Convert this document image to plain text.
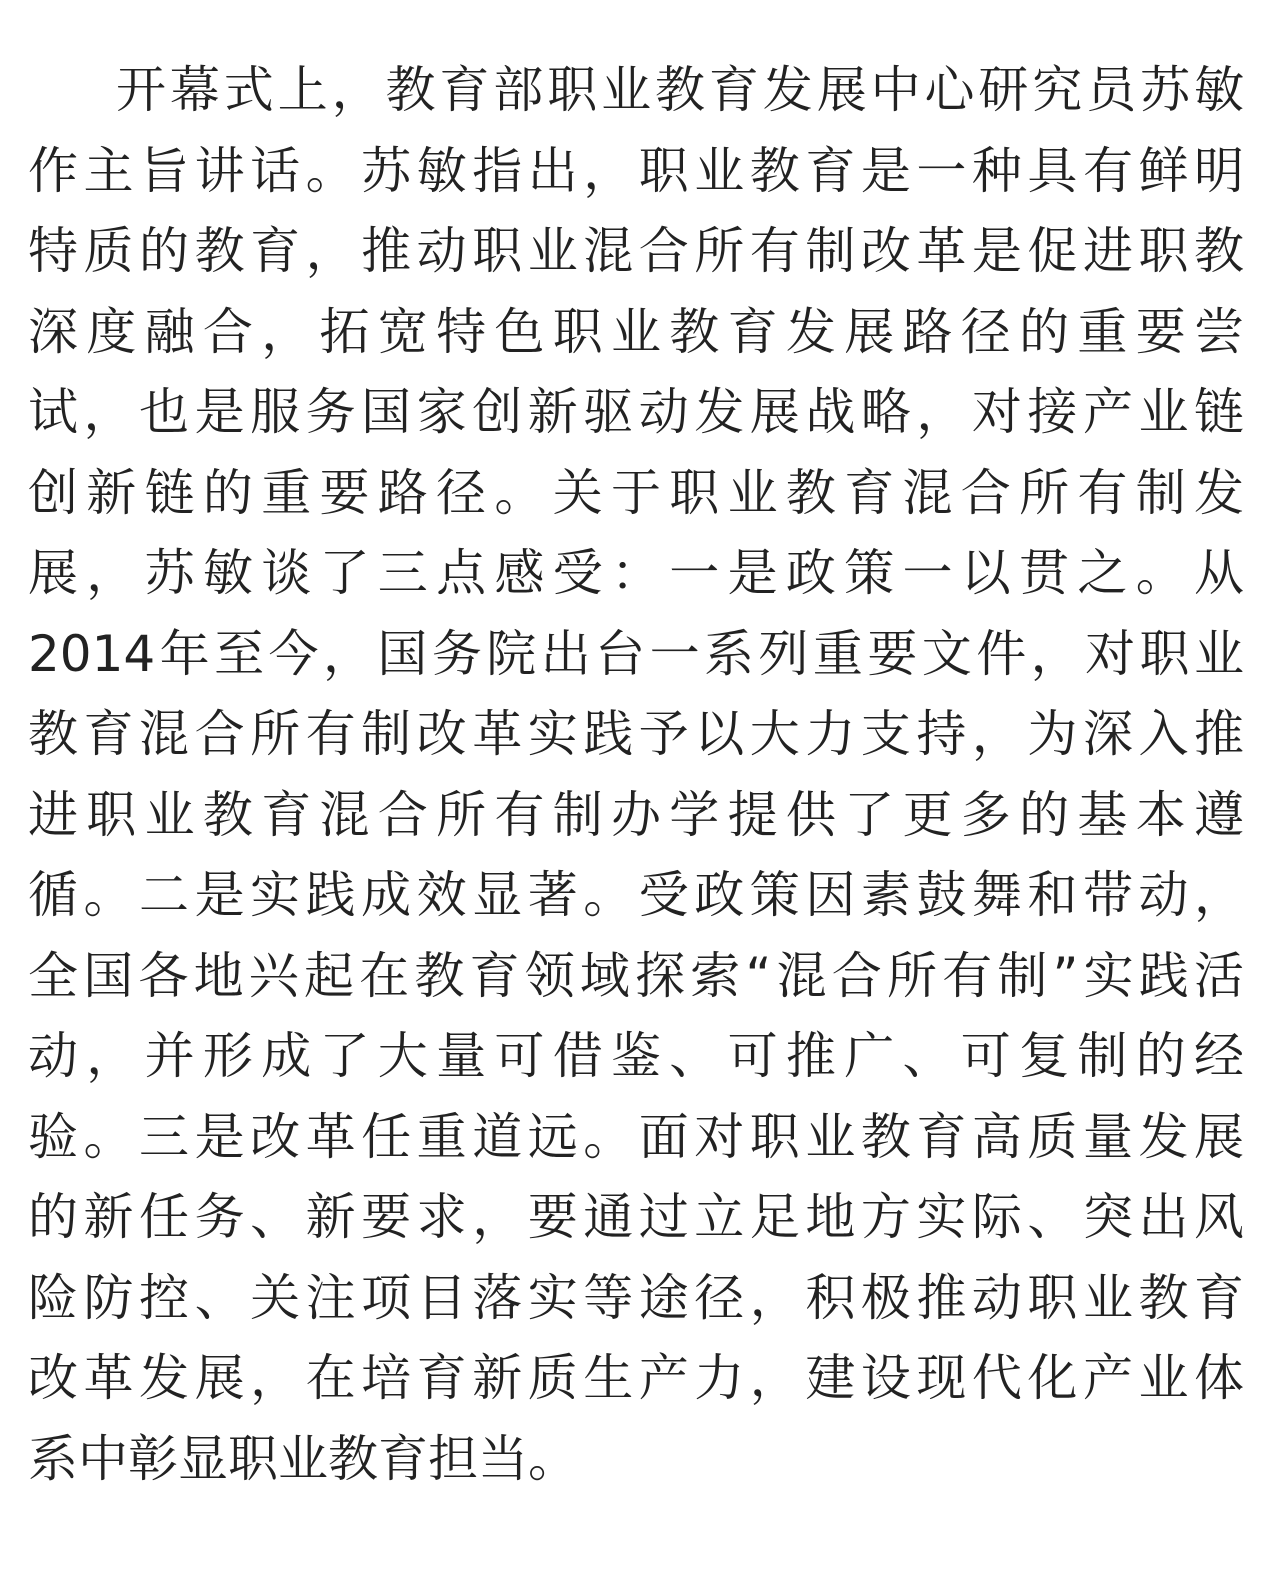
开幕式上，教育部职业教育发展中心研究员苏敏
作主旨讲话。苏敏指出，职业教育是一种具有鲜明
特质的教育，推动职业混合所有制改革是促进职教
深度融合，拓宽特色职业教育发展路径的重要尝
试，也是服务国家创新驱动发展战略，对接产业链
创新链的重要路径。关于职业教育混合所有制发
展，苏敏谈了三点感受：一是政策一以贯之。从
2014年至今，国务院出台一系列重要文件，对职业
教育混合所有制改革实践予以大力支持，为深入推
进职业教育混合所有制办学提供了更多的基本遵
循。二是实践成效显著。受政策因素鼓舞和带动，
全国各地兴起在教育领域探索“混合所有制”实践活
动，并形成了大量可借鉴、可推广、可复制的经
验。三是改革任重道远。面对职业教育高质量发展
的新任务、新要求，要通过立足地方实际、突出风
险防控、关注项目落实等途径，积极推动职业教育
改革发展，在培育新质生产力，建设现代化产业体
系中彰显职业教育担当。
